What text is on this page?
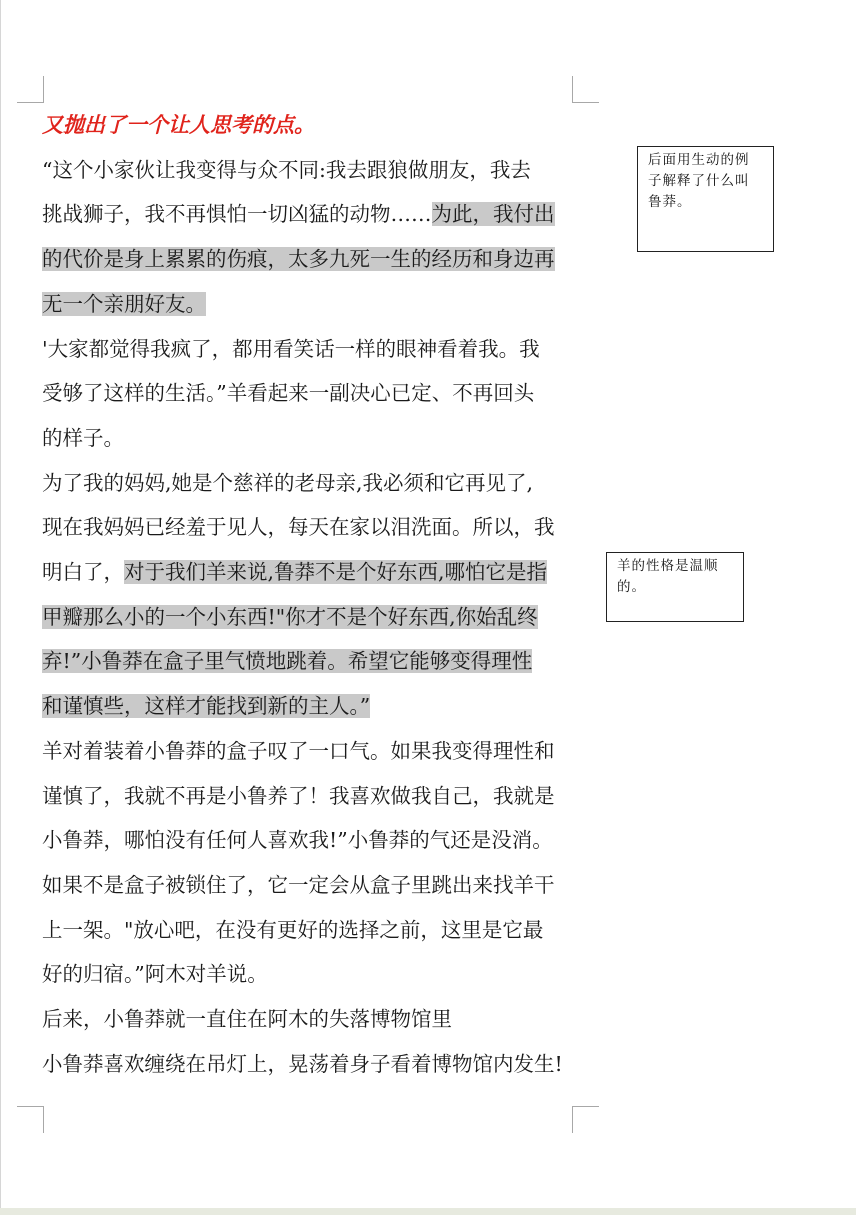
又抛出了一个让人思考的点。

“这个小家伙让我变得与众不同:我去跟狼做朋友，我去

挑战狮子，我不再惧怕一切凶猛的动物……为此，我付出

的代价是身上累累的伤痕，太多九死一生的经历和身边再

无一个亲朋好友。

'大家都觉得我疯了，都用看笑话一样的眼神看着我。我

受够了这样的生活。”羊看起来一副决心已定、不再回头

的样子。

为了我的妈妈,她是个慈祥的老母亲,我必须和它再见了,

现在我妈妈已经羞于见人，每天在家以泪洗面。所以，我

明白了，对于我们羊来说,鲁莽不是个好东西,哪怕它是指

甲瓣那么小的一个小东西!"你才不是个好东西,你始乱终

弃!”小鲁莽在盒子里气愤地跳着。希望它能够变得理性

和谨慎些，这样才能找到新的主人。”

羊对着装着小鲁莽的盒子叹了一口气。如果我变得理性和

谨慎了，我就不再是小鲁养了！我喜欢做我自己，我就是

小鲁莽，哪怕没有任何人喜欢我!”小鲁莽的气还是没消。

如果不是盒子被锁住了，它一定会从盒子里跳出来找羊干

上一架。"放心吧，在没有更好的选择之前，这里是它最

好的归宿。”阿木对羊说。

后来，小鲁莽就一直住在阿木的失落博物馆里

小鲁莽喜欢缠绕在吊灯上，晃荡着身子看着博物馆内发生!

后面用生动的例
子解释了什么叫
鲁莽。
羊的性格是温顺
的。
